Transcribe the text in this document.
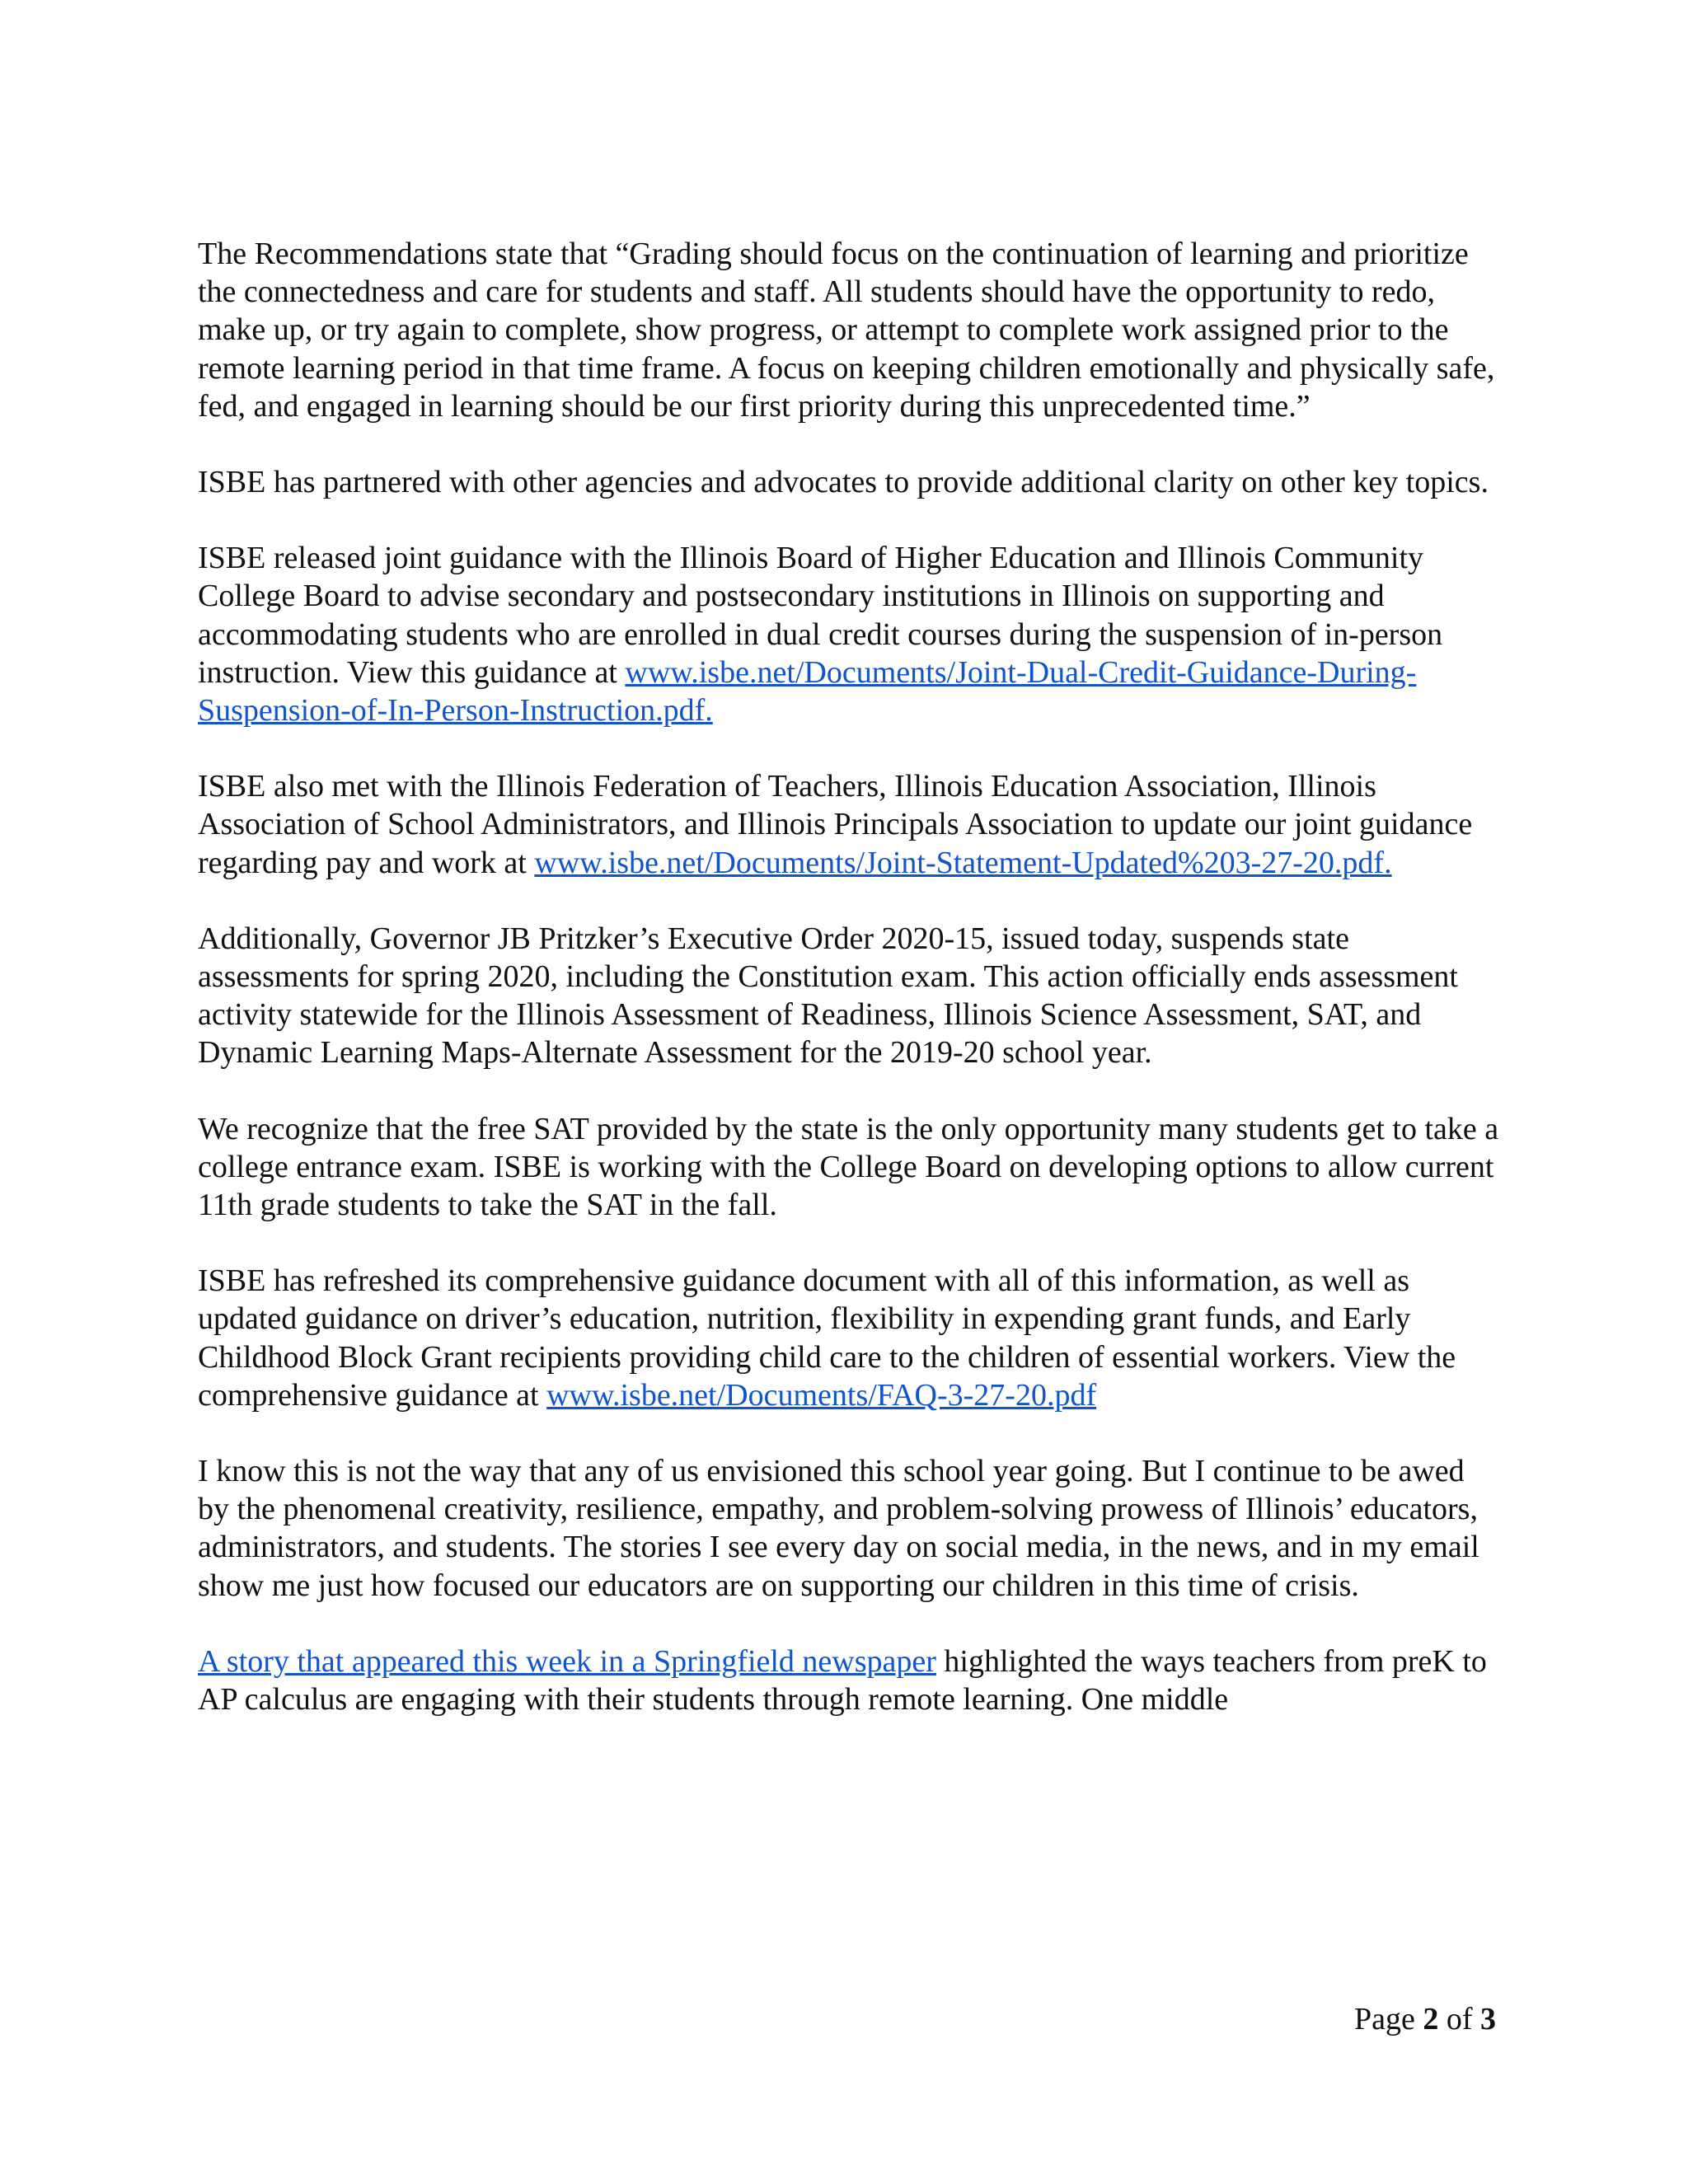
The Recommendations state that “Grading should focus on the continuation of learning and prioritize the connectedness and care for students and staff. All students should have the opportunity to redo, make up, or try again to complete, show progress, or attempt to complete work assigned prior to the remote learning period in that time frame. A focus on keeping children emotionally and physically safe, fed, and engaged in learning should be our first priority during this unprecedented time.”

ISBE has partnered with other agencies and advocates to provide additional clarity on other key topics.

ISBE released joint guidance with the Illinois Board of Higher Education and Illinois Community College Board to advise secondary and postsecondary institutions in Illinois on supporting and accommodating students who are enrolled in dual credit courses during the suspension of in-person instruction. View this guidance at www.isbe.net/Documents/Joint-Dual-Credit-Guidance-During-Suspension-of-In-Person-Instruction.pdf.

ISBE also met with the Illinois Federation of Teachers, Illinois Education Association, Illinois Association of School Administrators, and Illinois Principals Association to update our joint guidance regarding pay and work at www.isbe.net/Documents/Joint-Statement-Updated%203-27-20.pdf.

Additionally, Governor JB Pritzker’s Executive Order 2020-15, issued today, suspends state assessments for spring 2020, including the Constitution exam. This action officially ends assessment activity statewide for the Illinois Assessment of Readiness, Illinois Science Assessment, SAT, and Dynamic Learning Maps-Alternate Assessment for the 2019-20 school year.

We recognize that the free SAT provided by the state is the only opportunity many students get to take a college entrance exam. ISBE is working with the College Board on developing options to allow current 11th grade students to take the SAT in the fall.

ISBE has refreshed its comprehensive guidance document with all of this information, as well as updated guidance on driver’s education, nutrition, flexibility in expending grant funds, and Early Childhood Block Grant recipients providing child care to the children of essential workers. View the comprehensive guidance at www.isbe.net/Documents/FAQ-3-27-20.pdf

I know this is not the way that any of us envisioned this school year going. But I continue to be awed by the phenomenal creativity, resilience, empathy, and problem-solving prowess of Illinois’ educators, administrators, and students. The stories I see every day on social media, in the news, and in my email show me just how focused our educators are on supporting our children in this time of crisis.

A story that appeared this week in a Springfield newspaper highlighted the ways teachers from preK to AP calculus are engaging with their students through remote learning. One middle

Page 2 of 3
